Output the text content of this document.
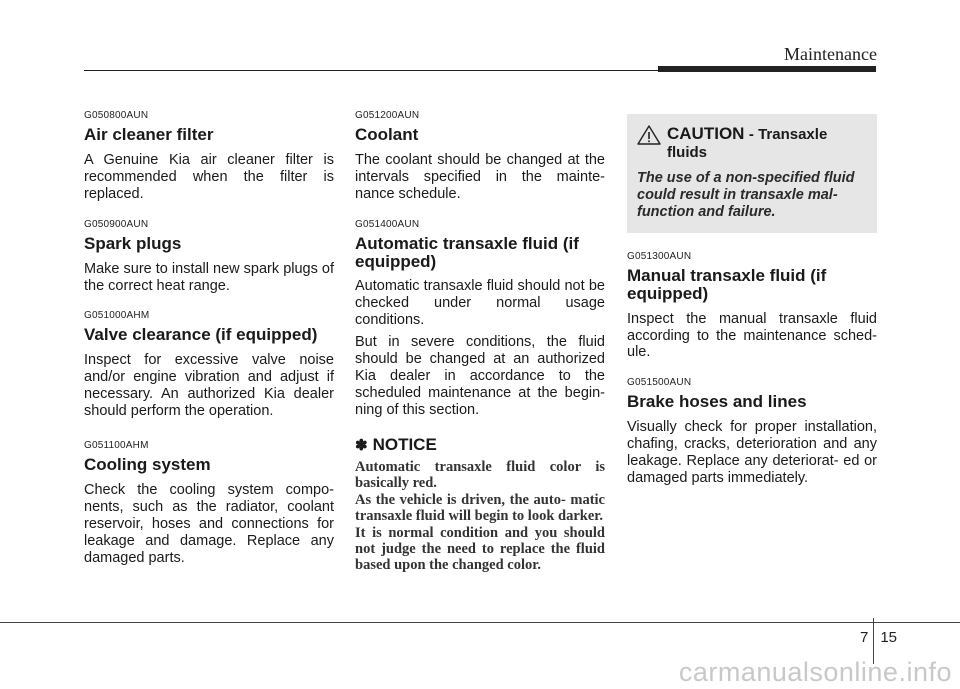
Maintenance

G050800AUN

Air cleaner filter

A Genuine Kia air cleaner filter is recommended when the filter is replaced.

G050900AUN

Spark plugs

Make sure to install new spark plugs of the correct heat range.

G051000AHM

Valve clearance (if equipped)

Inspect for excessive valve noise and/or engine vibration and adjust if necessary. An authorized Kia dealer should perform the operation.

G051100AHM

Cooling system

Check the cooling system compo- nents, such as the radiator, coolant reservoir, hoses and connections for leakage and damage. Replace any damaged parts.

G051200AUN

Coolant

The coolant should be changed at the intervals specified in the mainte- nance schedule.

G051400AUN

Automatic transaxle fluid (if equipped)

Automatic transaxle fluid should not be checked under normal usage conditions.

But in severe conditions, the fluid should be changed at an authorized Kia dealer in accordance to the scheduled maintenance at the begin- ning of this section.

✽ NOTICE

Automatic transaxle fluid color is basically red.

As the vehicle is driven, the auto- matic transaxle fluid will begin to look darker.

It is normal condition and you should not judge the need to replace the fluid based upon the changed color.

CAUTION - Transaxle fluids

The use of a non-specified fluid could result in transaxle mal- function and failure.

G051300AUN

Manual transaxle fluid (if equipped)

Inspect the manual transaxle fluid according to the maintenance sched- ule.

G051500AUN

Brake hoses and lines

Visually check for proper installation, chafing, cracks, deterioration and any leakage. Replace any deteriorat- ed or damaged parts immediately.

7 15
carmanualsonline.info
